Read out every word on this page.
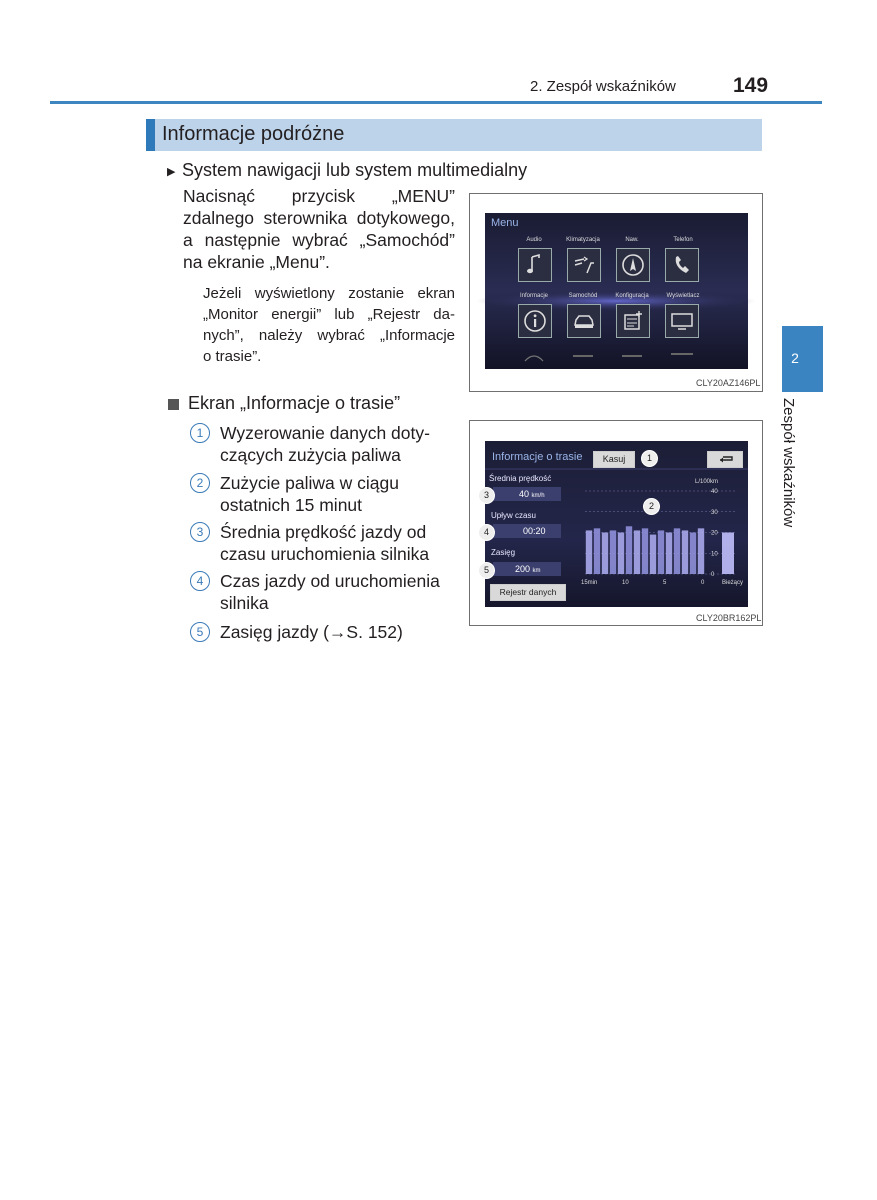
2. Zespół wskaźników	149
Informacje podróżne
2
Zespół wskaźników
▶ System nawigacji lub system multimedialny
Nacisnąć przycisk „MENU”
zdalnego sterownika dotykowego,
a następnie wybrać „Samochód”
na ekranie „Menu”.
Jeżeli wyświetlony zostanie ekran
„Monitor energii” lub „Rejestr da-
nych”, należy wybrać „Informacje
o trasie”.
Ekran „Informacje o trasie”
1 Wyzerowanie danych doty-
czących zużycia paliwa
2 Zużycie paliwa w ciągu
ostatnich 15 minut
3 Średnia prędkość jazdy od
czasu uruchomienia silnika
4 Czas jazdy od uruchomienia
silnika
5 Zasięg jazdy (→S. 152)
Menu
Audio	Klimatyzacja	Naw.	Telefon
Informacje	Samochód	Konfiguracja	Wyświetlacz
CLY20AZ146PL
Informacje o trasie	Kasuj
Średnia prędkość
40 km/h
Upływ czasu
00:20
Zasięg
200 km
Rejestr danych
L/100km
40
30
20
10
0
15min	10	5	0	Bieżący
1
2
3
4
5
CLY20BR162PL
